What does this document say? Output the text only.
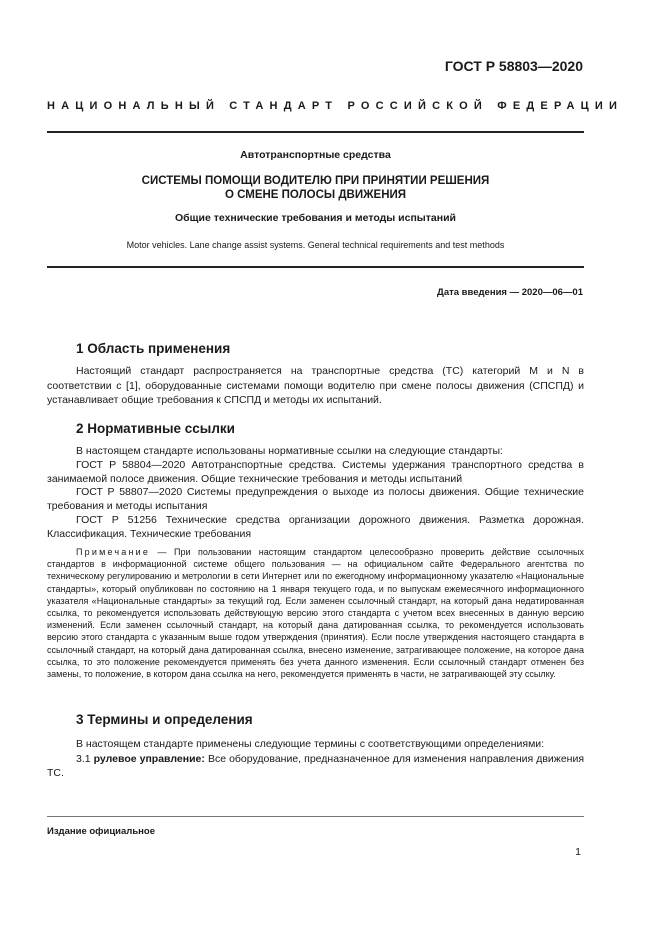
ГОСТ Р 58803—2020
НАЦИОНАЛЬНЫЙ СТАНДАРТ РОССИЙСКОЙ ФЕДЕРАЦИИ
Автотранспортные средства
СИСТЕМЫ ПОМОЩИ ВОДИТЕЛЮ ПРИ ПРИНЯТИИ РЕШЕНИЯ
О СМЕНЕ ПОЛОСЫ ДВИЖЕНИЯ
Общие технические требования и методы испытаний
Motor vehicles. Lane change assist systems. General technical requirements and test methods
Дата введения — 2020—06—01
1 Область применения

Настоящий стандарт распространяется на транспортные средства (ТС) категорий М и N в соответствии с [1], оборудованные системами помощи водителю при смене полосы движения (СПСПД) и устанавливает общие требования к СПСПД и методы их испытаний.

2 Нормативные ссылки

В настоящем стандарте использованы нормативные ссылки на следующие стандарты:

ГОСТ Р 58804—2020 Автотранспортные средства. Системы удержания транспортного средства в занимаемой полосе движения. Общие технические требования и методы испытаний

ГОСТ Р 58807—2020 Системы предупреждения о выходе из полосы движения. Общие технические требования и методы испытания

ГОСТ Р 51256 Технические средства организации дорожного движения. Разметка дорожная. Классификация. Технические требования

Примечание — При пользовании настоящим стандартом целесообразно проверить действие ссылочных стандартов в информационной системе общего пользования — на официальном сайте Федерального агентства по техническому регулированию и метрологии в сети Интернет или по ежегодному информационному указателю «Национальные стандарты», который опубликован по состоянию на 1 января текущего года, и по выпускам ежемесячного информационного указателя «Национальные стандарты» за текущий год. Если заменен ссылочный стандарт, на который дана недатированная ссылка, то рекомендуется использовать действующую версию этого стандарта с учетом всех внесенных в данную версию изменений. Если заменен ссылочный стандарт, на который дана датированная ссылка, то рекомендуется использовать версию этого стандарта с указанным выше годом утверждения (принятия). Если после утверждения настоящего стандарта в ссылочный стандарт, на который дана датированная ссылка, внесено изменение, затрагивающее положение, на которое дана ссылка, то это положение рекомендуется применять без учета данного изменения. Если ссылочный стандарт отменен без замены, то положение, в котором дана ссылка на него, рекомендуется применять в части, не затрагивающей эту ссылку.

3 Термины и определения

В настоящем стандарте применены следующие термины с соответствующими определениями:

3.1 рулевое управление: Все оборудование, предназначенное для изменения направления движения ТС.

Издание официальное
1
